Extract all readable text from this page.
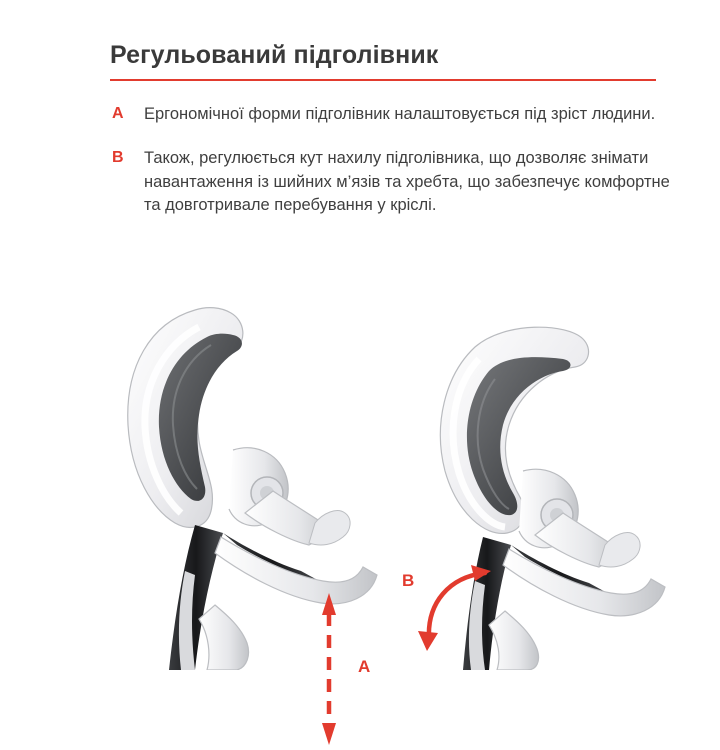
Регульований підголівник
A	Ергономічної форми підголівник налаштовується під зріст людини.
B	Також, регулюється кут нахилу підголівника, що дозволяє знімати навантаження із шийних м’язів та хребта, що забезпечує комфортне та довготривале перебування у кріслі.
A
B
